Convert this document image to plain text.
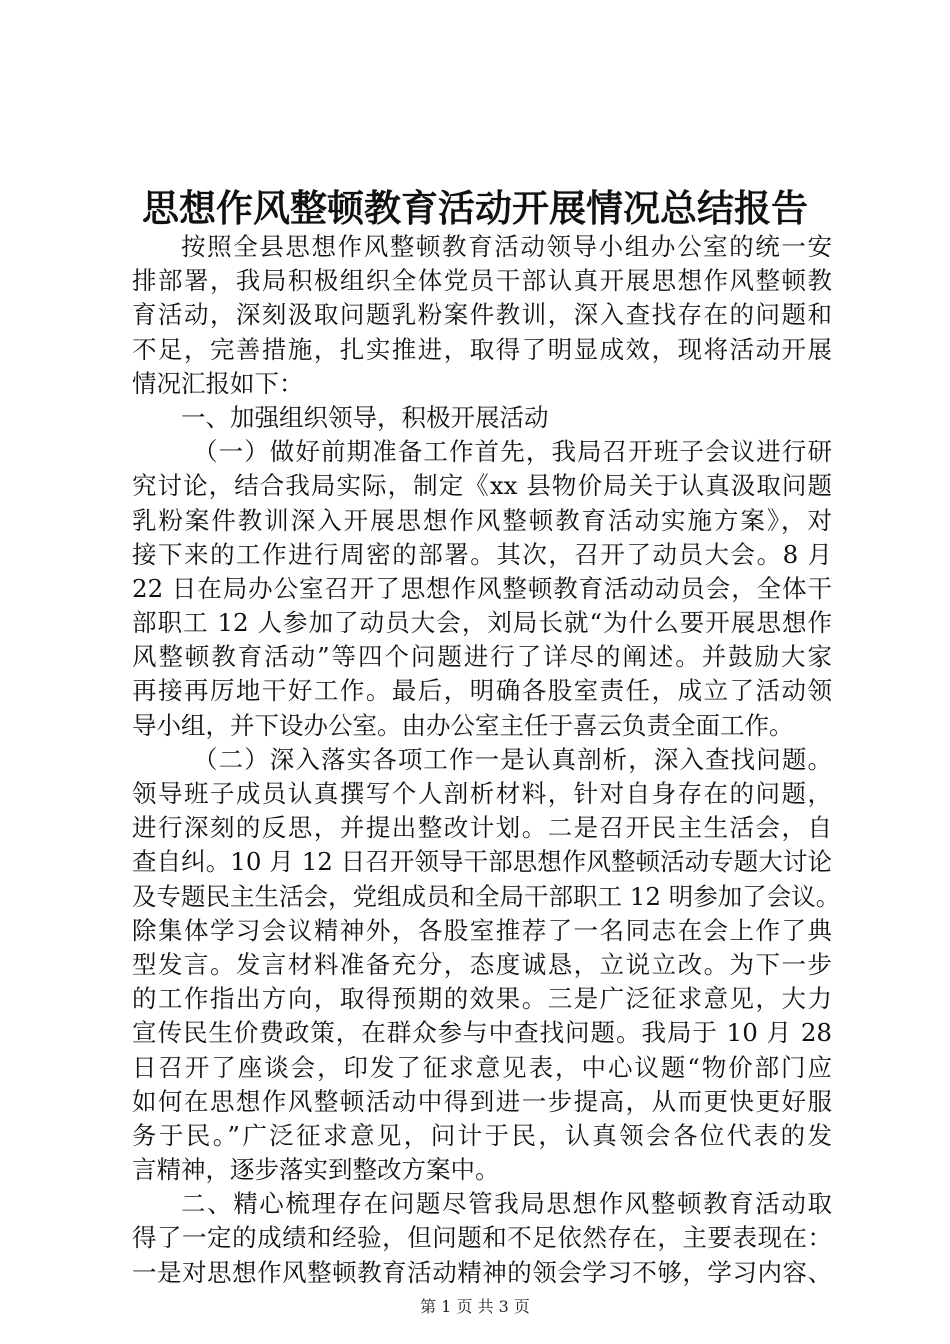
思想作风整顿教育活动开展情况总结报告
按照全县思想作风整顿教育活动领导小组办公室的统一安
排部署，我局积极组织全体党员干部认真开展思想作风整顿教
育活动，深刻汲取问题乳粉案件教训，深入查找存在的问题和
不足，完善措施，扎实推进，取得了明显成效，现将活动开展
情况汇报如下：
一、加强组织领导，积极开展活动
（一）做好前期准备工作首先，我局召开班子会议进行研
究讨论，结合我局实际，制定《xx 县物价局关于认真汲取问题
乳粉案件教训深入开展思想作风整顿教育活动实施方案》，对
接下来的工作进行周密的部署。其次，召开了动员大会。8 月
22 日在局办公室召开了思想作风整顿教育活动动员会，全体干
部职工 12 人参加了动员大会，刘局长就“为什么要开展思想作
风整顿教育活动”等四个问题进行了详尽的阐述。并鼓励大家
再接再厉地干好工作。最后，明确各股室责任，成立了活动领
导小组，并下设办公室。由办公室主任于喜云负责全面工作。
（二）深入落实各项工作一是认真剖析，深入查找问题。
领导班子成员认真撰写个人剖析材料，针对自身存在的问题，
进行深刻的反思，并提出整改计划。二是召开民主生活会，自
查自纠。10 月 12 日召开领导干部思想作风整顿活动专题大讨论
及专题民主生活会，党组成员和全局干部职工 12 明参加了会议。
除集体学习会议精神外，各股室推荐了一名同志在会上作了典
型发言。发言材料准备充分，态度诚恳，立说立改。为下一步
的工作指出方向，取得预期的效果。三是广泛征求意见，大力
宣传民生价费政策，在群众参与中查找问题。我局于 10 月 28
日召开了座谈会，印发了征求意见表，中心议题“物价部门应
如何在思想作风整顿活动中得到进一步提高，从而更快更好服
务于民。”广泛征求意见，问计于民，认真领会各位代表的发
言精神，逐步落实到整改方案中。
二、精心梳理存在问题尽管我局思想作风整顿教育活动取
得了一定的成绩和经验，但问题和不足依然存在，主要表现在：
一是对思想作风整顿教育活动精神的领会学习不够，学习内容、
第 1 页 共 3 页
